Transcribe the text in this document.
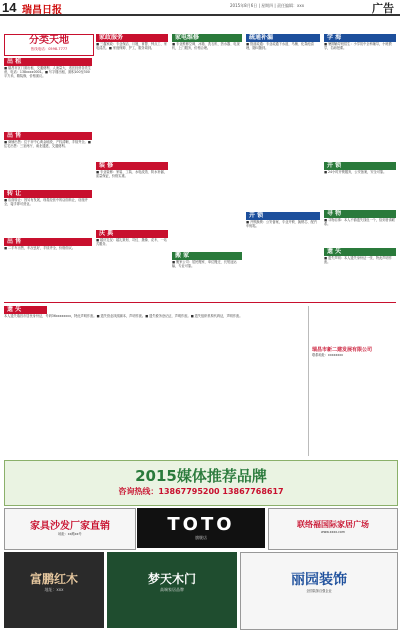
14 瑞昌日报	2015年8月6日 | 星期四 | 责任编辑：xxx	广告
分类天地
热线电话：0598-7777
出 租
■ 瑞昌市区门面出租，交通便利，人流量大，适宜经营各类生意，电话：138xxxx0001。■ 写字楼出租，面积100至300平方米，精装修，价格面议。
出 售
■ 商铺出售：位于市中心黄金地段，产权清晰，手续齐全。■ 住宅出售：三室两厅，南北通透，交通便利。
转 让
■ 店面转让：因另有发展，现将经营中的店面转让，设施齐全，接手即可营业。
出 售
■ 二手车出售，车况良好，手续齐全，价格面议。
家政服务
■ 三鑫家政：专业保洁、月嫂、育婴、钟点工、家电清洗。■ 家庭保姆、护工，服务周到。
装 修
■ 专业装修：家装、工装、水电改造、防水补漏，质量保证，价格实惠。
庆 典
■ 婚庆礼仪：婚礼策划、司仪、摄像、花车，一站式服务。
家电维修
■ 专业维修空调、冰箱、洗衣机、热水器、电视机，上门服务，价格合理。
搬 家
■ 搬家公司：居民搬家、单位搬迁、长短途运输，专业可靠。
疏通补漏
■ 管道疏通：专业疏通下水道、马桶、化粪池清理，随叫随到。
开 锁
■ 开锁换锁：公安备案，专业开锁、换锁芯、配汽车钥匙。
学 海
■ 暑期辅导班招生：小学初中全科辅导，小班教学，名师授课。
开 锁
■ 24小时开锁服务，公安备案，安全可靠。
寻 物
■ 寻物启事：本人不慎遗失钱包一个，拾到者请联系。
遗 失
■ 遗失声明：本人遗失身份证一张，特此声明作废。
遗 失
本人遗失瑞昌市居民身份证，号码36xxxxxxxx，特此声明作废。■ 遗失营业执照副本，声明作废。■ 遗失税务登记证，声明作废。■ 遗失组织机构代码证，声明作废。
瑞昌市新二建发展有限公司
联系地址：xxxxxxxx
2015媒体推荐品牌
咨询热线：13867795200 13867768617
家具沙发厂家直销
地址：xx路xx号	TOTO
旗舰店
联络福国际家居广场
www.xxxx.com
富鹏红木
地址：xxx
梦天木门
高端家居品牌
丽园装饰
全国装饰百强企业
